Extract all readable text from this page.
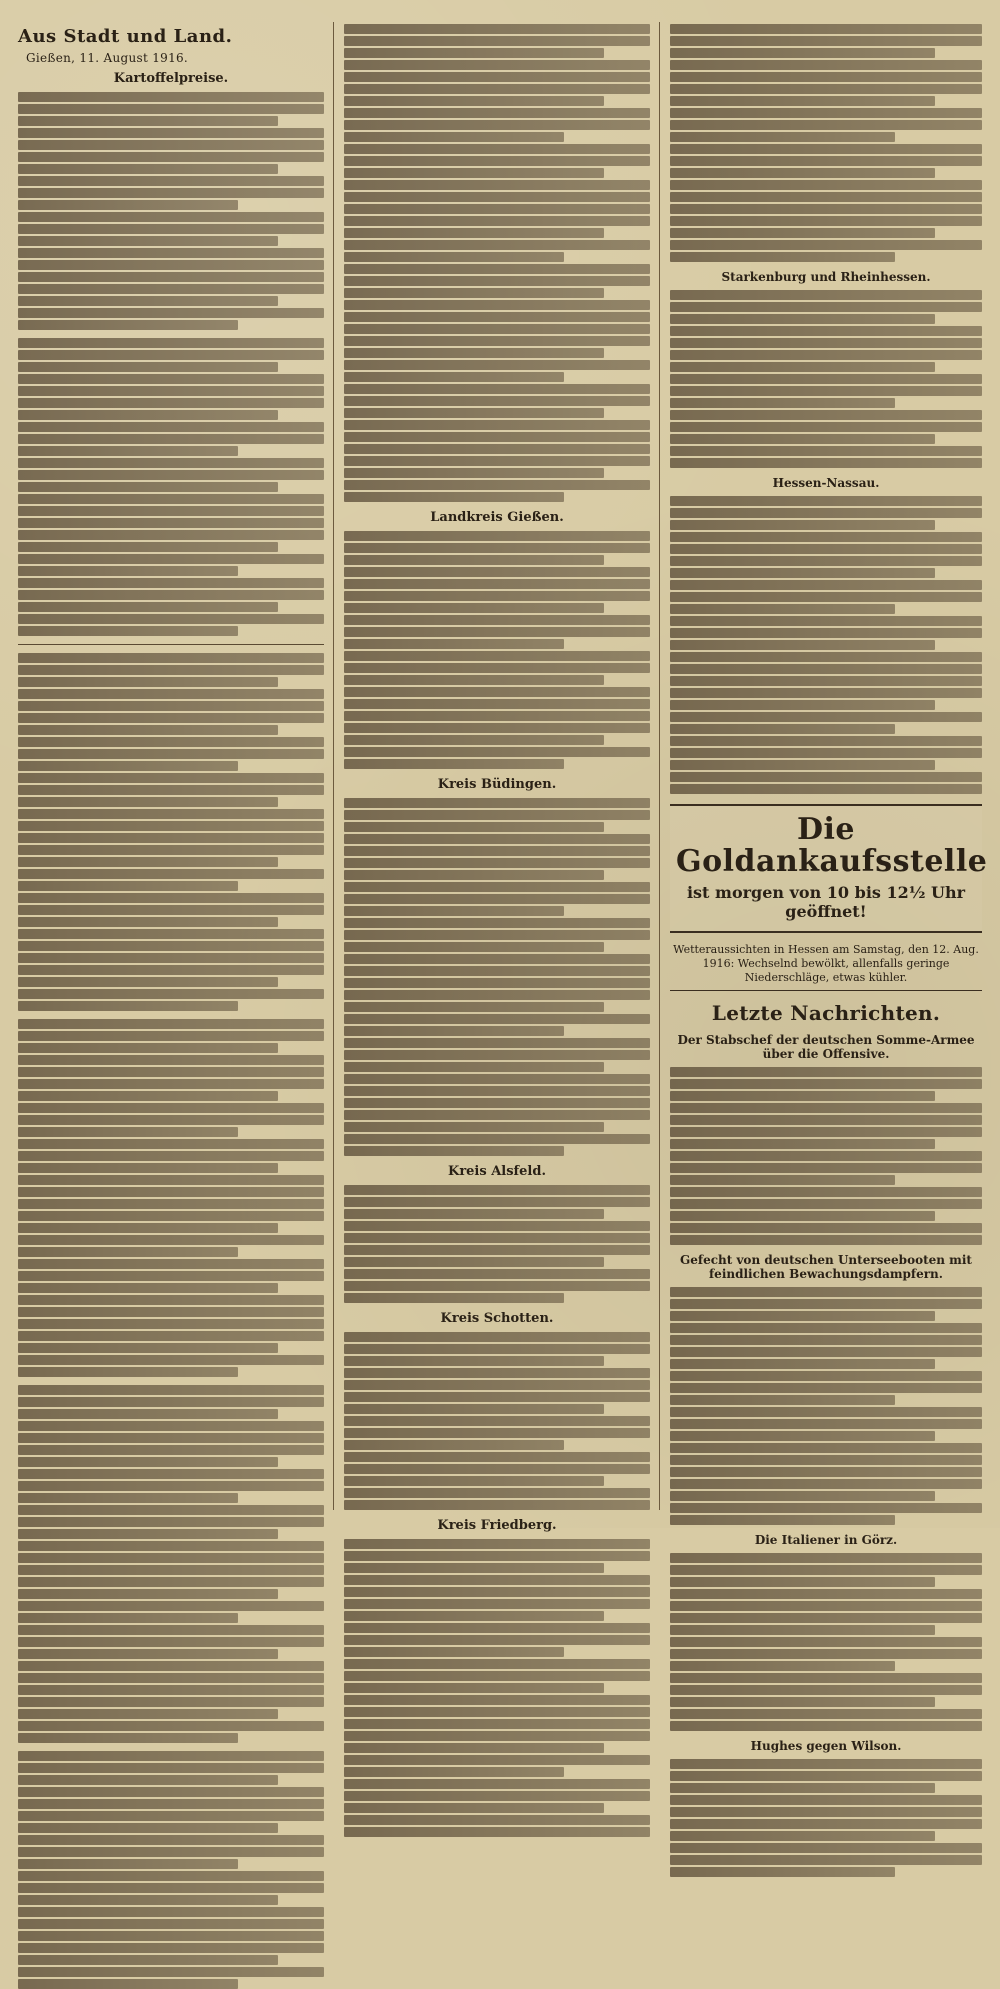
Aus Stadt und Land.
Gießen, 11. August 1916.
Kartoffelpreise.
Landkreis Gießen.
Kreis Büdingen.
Kreis Alsfeld.
Kreis Schotten.
Kreis Friedberg.
Starkenburg und Rheinhessen.
Hessen-Nassau.
Die Goldankaufsstelle
ist morgen von 10 bis 12½ Uhr geöffnet!
Wetteraussichten in Hessen am Samstag, den 12. Aug. 1916: Wechselnd bewölkt, allenfalls geringe Niederschläge, etwas kühler.
Letzte Nachrichten.
Der Stabschef der deutschen Somme-Armee über die Offensive.
Gefecht von deutschen Unterseebooten mit feindlichen Bewachungsdampfern.
Die Italiener in Görz.
Hughes gegen Wilson.
